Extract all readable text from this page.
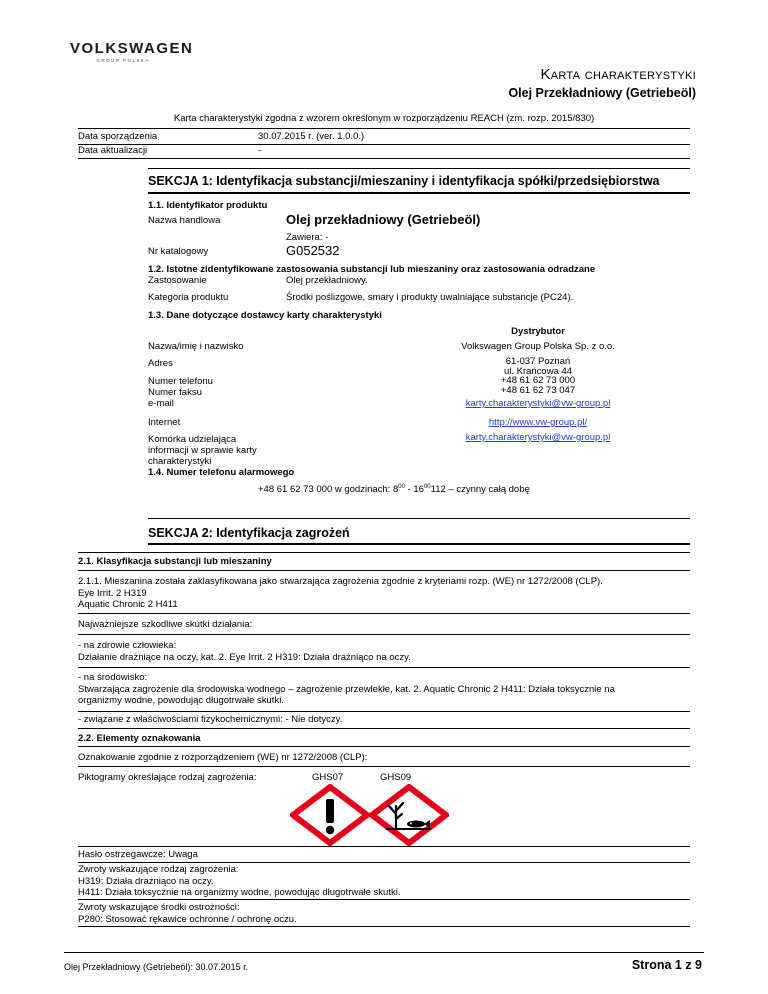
VOLKSWAGEN
GROUP POLSKA
Karta charakterystyki
Olej Przekładniowy (Getriebeöl)
Karta charakterystyki zgodna z wzorem określonym w rozporządzeniu REACH (zm. rozp. 2015/830)
Data sporządzenia	30.07.2015 r. (ver. 1.0.0.)
Data aktualizacji	-
SEKCJA 1: Identyfikacja substancji/mieszaniny i identyfikacja spółki/przedsiębiorstwa
1.1. Identyfikator produktu
Nazwa handlowa	Olej przekładniowy (Getriebeöl)
Zawiera: -
Nr katalogowy	G052532
1.2. Istotne zidentyfikowane zastosowania substancji lub mieszaniny oraz zastosowania odradzane
Zastosowanie	Olej przekładniowy.
Kategoria produktu	Środki poślizgowe, smary i produkty uwalniające substancje (PC24).
1.3. Dane dotyczące dostawcy karty charakterystyki
Dystrybutor
Nazwa/imię i nazwisko	Volkswagen Group Polska Sp. z o.o.
Adres	61-037 Poznań
ul. Krańcowa 44
Numer telefonu	+48 61 62 73 000
Numer faksu	+48 61 62 73 047
e-mail	karty.charakterystyki@vw-group.pl
Internet	http://www.vw-group.pl/
Komórka udzielająca	karty.charakterystyki@vw-group.pl
informacji w sprawie karty
charakterystyki
1.4. Numer telefonu alarmowego
+48 61 62 73 000 w godzinach: $8^{00} - 16^{00}112$ – czynny całą dobę
SEKCJA 2: Identyfikacja zagrożeń
2.1. Klasyfikacja substancji lub mieszaniny
2.1.1. Mieszanina została zaklasyfikowana jako stwarzająca zagrożenia zgodnie z kryteriami rozp. (WE) nr 1272/2008 (CLP).
Eye Irrit. 2 H319
Aquatic Chronic 2 H411
Najważniejsze szkodliwe skutki działania:
- na zdrowie człowieka:
Działanie drażniące na oczy, kat. 2. Eye Irrit. 2 H319: Działa drażniąco na oczy.
- na środowisko:
Stwarzająca zagrożenie dla środowiska wodnego – zagrożenie przewlekłe, kat. 2. Aquatic Chronic 2 H411: Działa toksycznie na
organizmy wodne, powodując długotrwałe skutki.
- związane z właściwościami fizykochemicznymi: - Nie dotyczy.
2.2. Elementy oznakowania
Oznakowanie zgodnie z rozporządzeniem (WE) nr 1272/2008 (CLP):
Piktogramy określające rodzaj zagrożenia:	GHS07	GHS09
Hasło ostrzegawcze: Uwaga
Zwroty wskazujące rodzaj zagrożenia:
H319: Działa drażniąco na oczy.
H411: Działa toksycznie na organizmy wodne, powodując długotrwałe skutki.
Zwroty wskazujące środki ostrożności:
P280: Stosować rękawice ochronne / ochronę oczu.
Olej Przekładniowy (Getriebeöl): 30.07.2015 r.	Strona 1 z 9
